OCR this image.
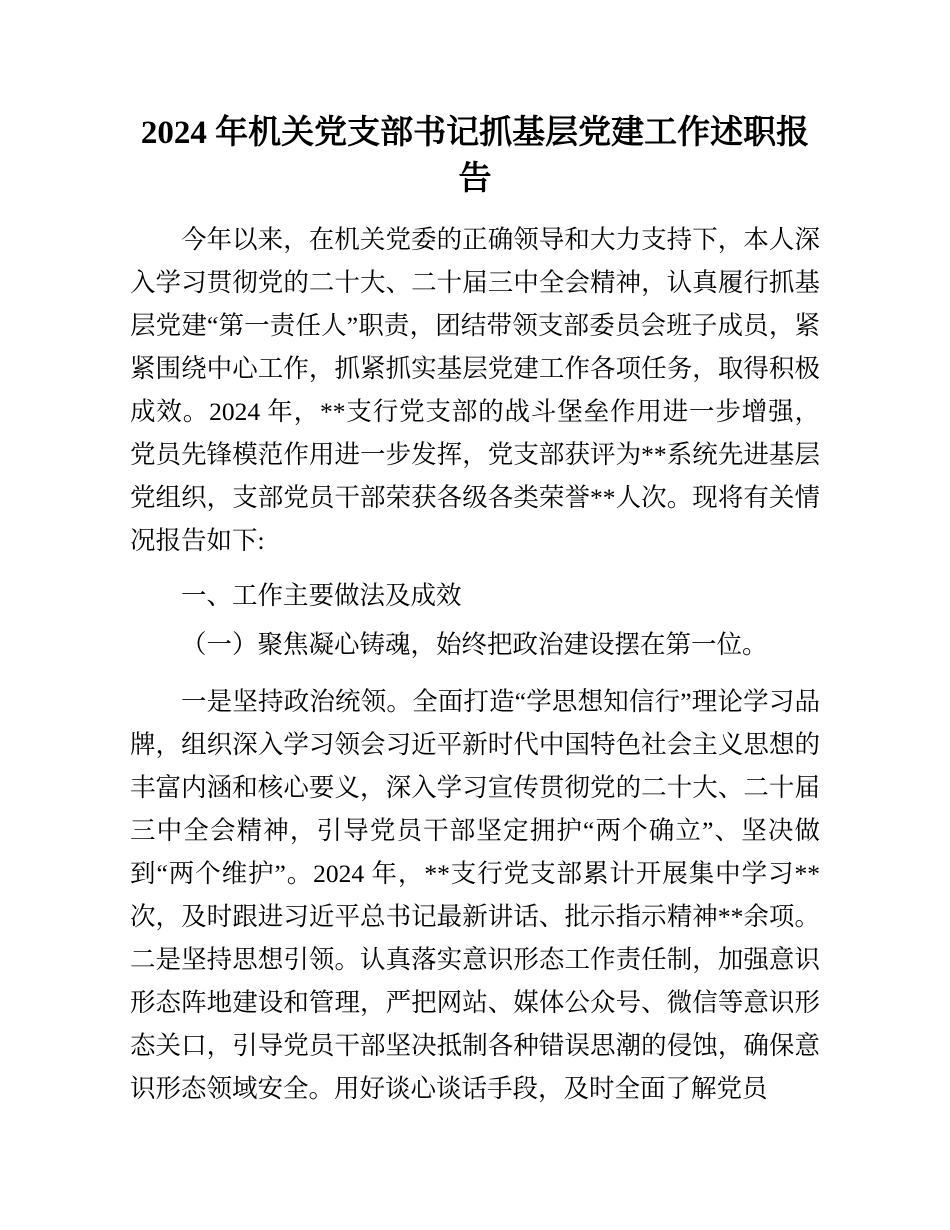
2024 年机关党支部书记抓基层党建工作述职报告

今年以来，在机关党委的正确领导和大力支持下，本人深入学习贯彻党的二十大、二十届三中全会精神，认真履行抓基层党建“第一责任人”职责，团结带领支部委员会班子成员，紧紧围绕中心工作，抓紧抓实基层党建工作各项任务，取得积极成效。2024 年，**支行党支部的战斗堡垒作用进一步增强，党员先锋模范作用进一步发挥，党支部获评为**系统先进基层党组织，支部党员干部荣获各级各类荣誉**人次。现将有关情况报告如下:

一、工作主要做法及成效

（一）聚焦凝心铸魂，始终把政治建设摆在第一位。

一是坚持政治统领。全面打造“学思想知信行”理论学习品牌，组织深入学习领会习近平新时代中国特色社会主义思想的丰富内涵和核心要义，深入学习宣传贯彻党的二十大、二十届三中全会精神，引导党员干部坚定拥护“两个确立”、坚决做到“两个维护”。2024 年，**支行党支部累计开展集中学习**次，及时跟进习近平总书记最新讲话、批示指示精神**余项。二是坚持思想引领。认真落实意识形态工作责任制，加强意识形态阵地建设和管理，严把网站、媒体公众号、微信等意识形态关口，引导党员干部坚决抵制各种错误思潮的侵蚀，确保意识形态领域安全。用好谈心谈话手段，及时全面了解党员
